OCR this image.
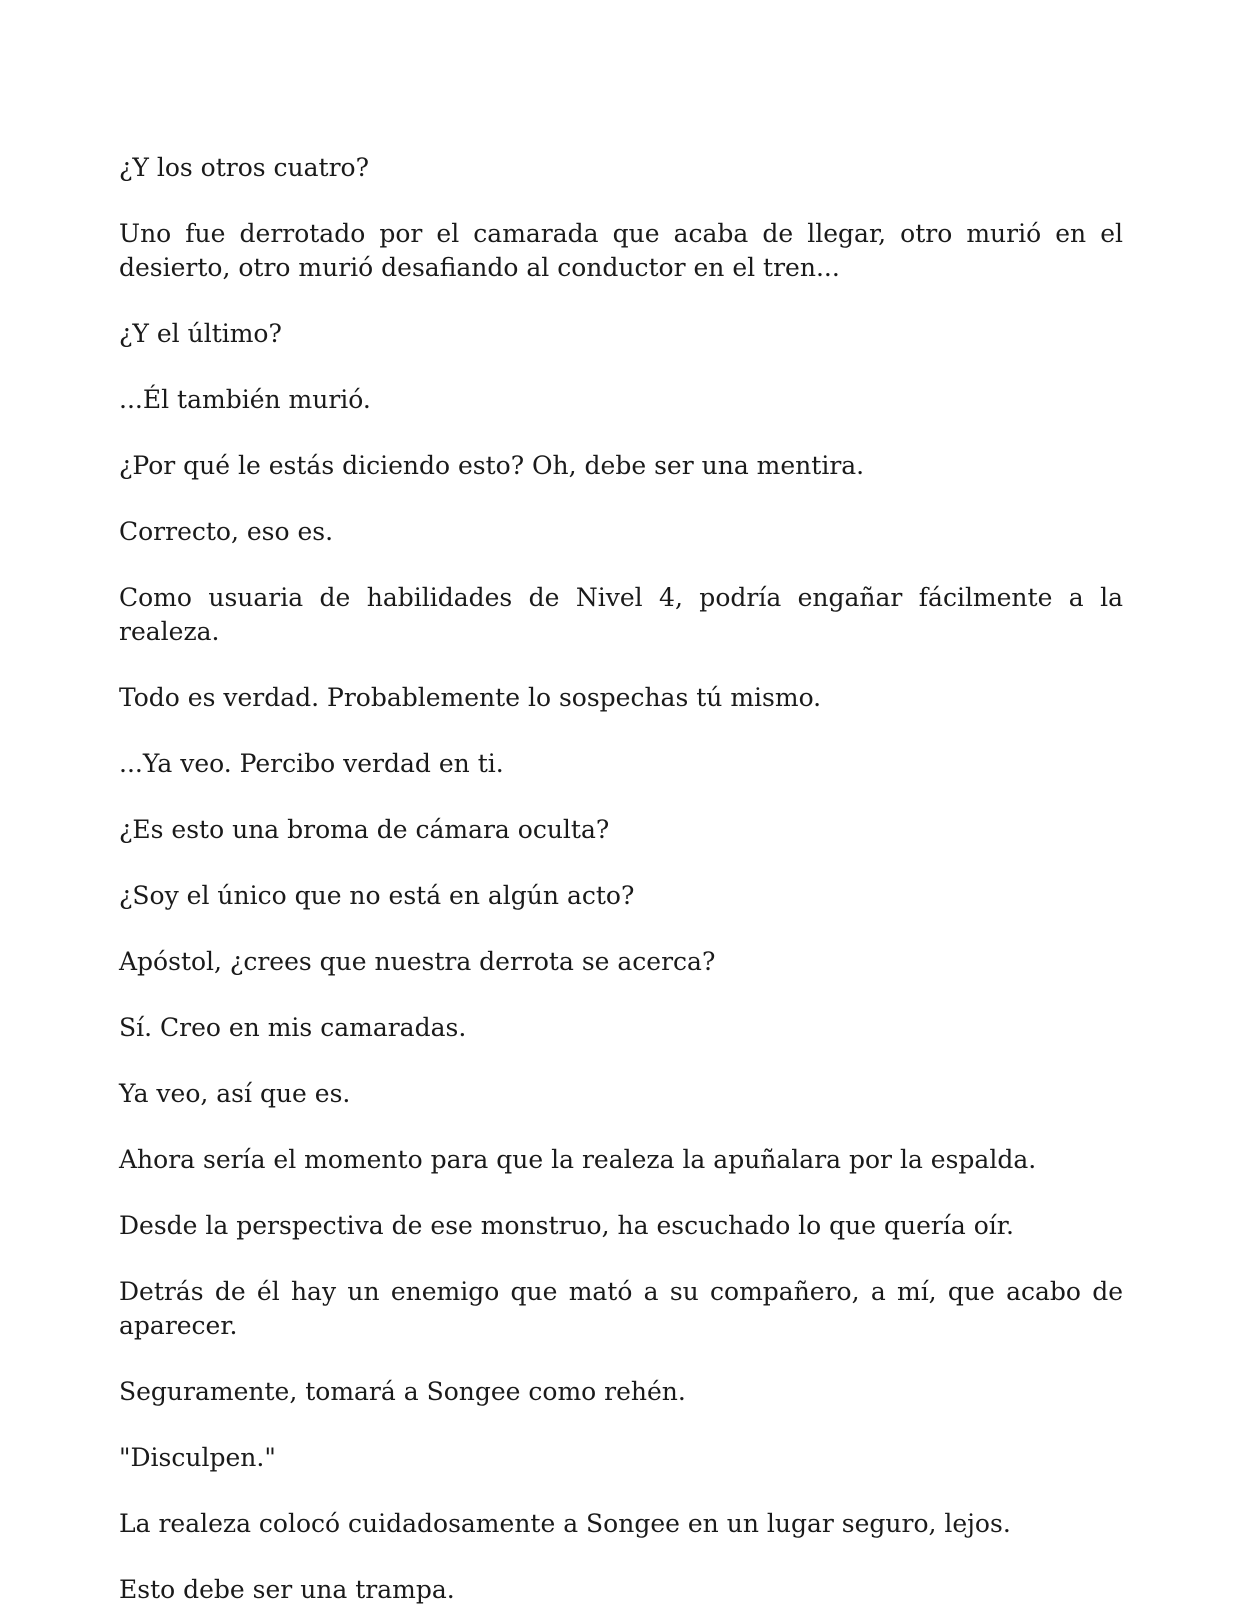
¿Y los otros cuatro?

Uno fue derrotado por el camarada que acaba de llegar, otro murió en el desierto, otro murió desafiando al conductor en el tren...

¿Y el último?

...Él también murió.

¿Por qué le estás diciendo esto? Oh, debe ser una mentira.

Correcto, eso es.

Como usuaria de habilidades de Nivel 4, podría engañar fácilmente a la realeza.

Todo es verdad. Probablemente lo sospechas tú mismo.

...Ya veo. Percibo verdad en ti.

¿Es esto una broma de cámara oculta?

¿Soy el único que no está en algún acto?

Apóstol, ¿crees que nuestra derrota se acerca?

Sí. Creo en mis camaradas.

Ya veo, así que es.

Ahora sería el momento para que la realeza la apuñalara por la espalda.

Desde la perspectiva de ese monstruo, ha escuchado lo que quería oír.

Detrás de él hay un enemigo que mató a su compañero, a mí, que acabo de aparecer.

Seguramente, tomará a Songee como rehén.

"Disculpen."

La realeza colocó cuidadosamente a Songee en un lugar seguro, lejos.

Esto debe ser una trampa.
